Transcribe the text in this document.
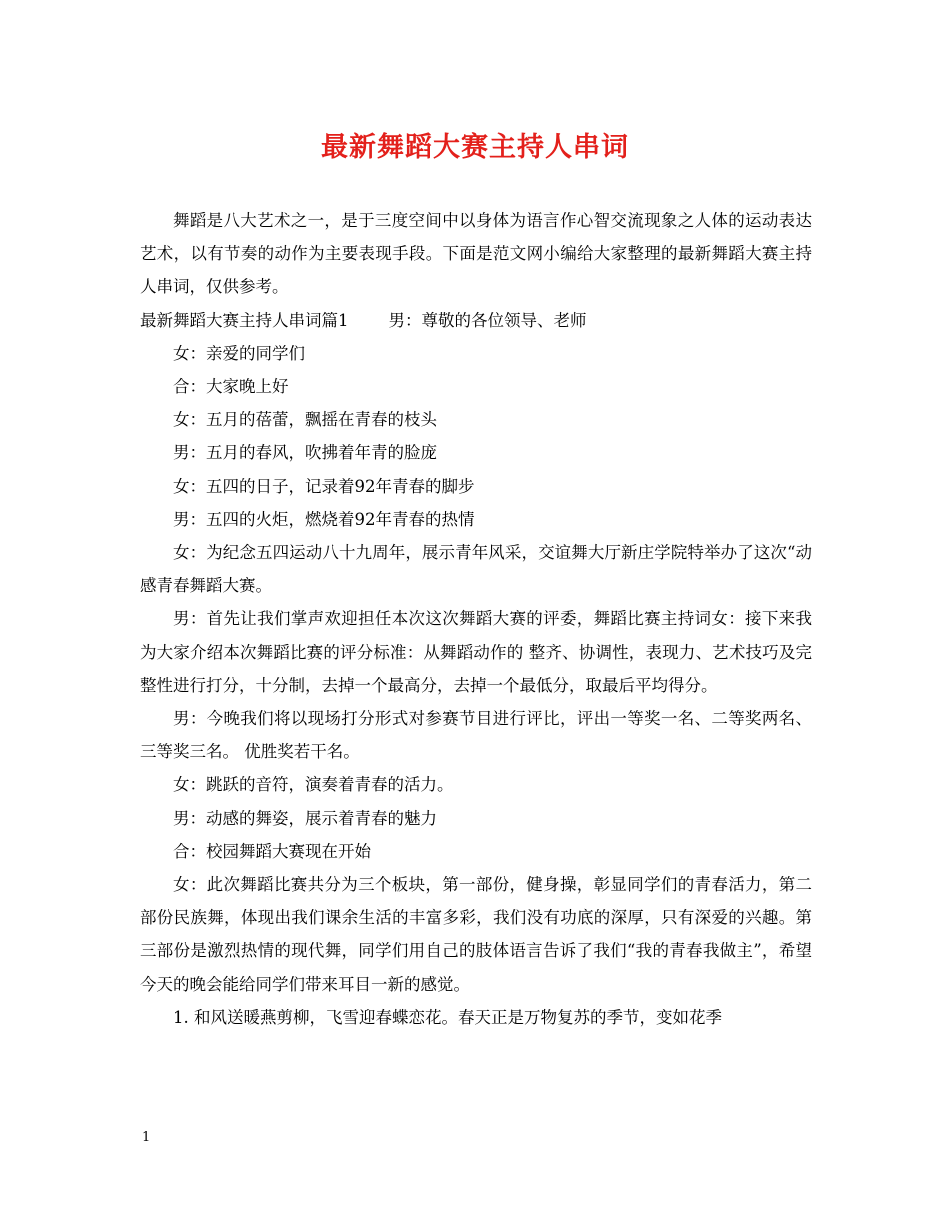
最新舞蹈大赛主持人串词

舞蹈是八大艺术之一，是于三度空间中以身体为语言作心智交流现象之人体的运动表达艺术，以有节奏的动作为主要表现手段。下面是范文网小编给大家整理的最新舞蹈大赛主持人串词，仅供参考。

最新舞蹈大赛主持人串词篇1 男：尊敬的各位领导、老师

女：亲爱的同学们

合：大家晚上好

女：五月的蓓蕾，飘摇在青春的枝头

男：五月的春风，吹拂着年青的脸庞

女：五四的日子，记录着92年青春的脚步

男：五四的火炬，燃烧着92年青春的热情

女：为纪念五四运动八十九周年，展示青年风采，交谊舞大厅新庄学院特举办了这次“动感青春舞蹈大赛。

男：首先让我们掌声欢迎担任本次这次舞蹈大赛的评委，舞蹈比赛主持词女：接下来我为大家介绍本次舞蹈比赛的评分标准：从舞蹈动作的 整齐、协调性，表现力、艺术技巧及完整性进行打分，十分制，去掉一个最高分，去掉一个最低分，取最后平均得分。

男：今晚我们将以现场打分形式对参赛节目进行评比，评出一等奖一名、二等奖两名、三等奖三名。 优胜奖若干名。

女：跳跃的音符，演奏着青春的活力。

男：动感的舞姿，展示着青春的魅力

合：校园舞蹈大赛现在开始

女：此次舞蹈比赛共分为三个板块，第一部份，健身操，彰显同学们的青春活力，第二部份民族舞，体现出我们课余生活的丰富多彩，我们没有功底的深厚，只有深爱的兴趣。第三部份是激烈热情的现代舞，同学们用自己的肢体语言告诉了我们“我的青春我做主”，希望今天的晚会能给同学们带来耳目一新的感觉。

1. 和风送暖燕剪柳，飞雪迎春蝶恋花。春天正是万物复苏的季节，变如花季

1
